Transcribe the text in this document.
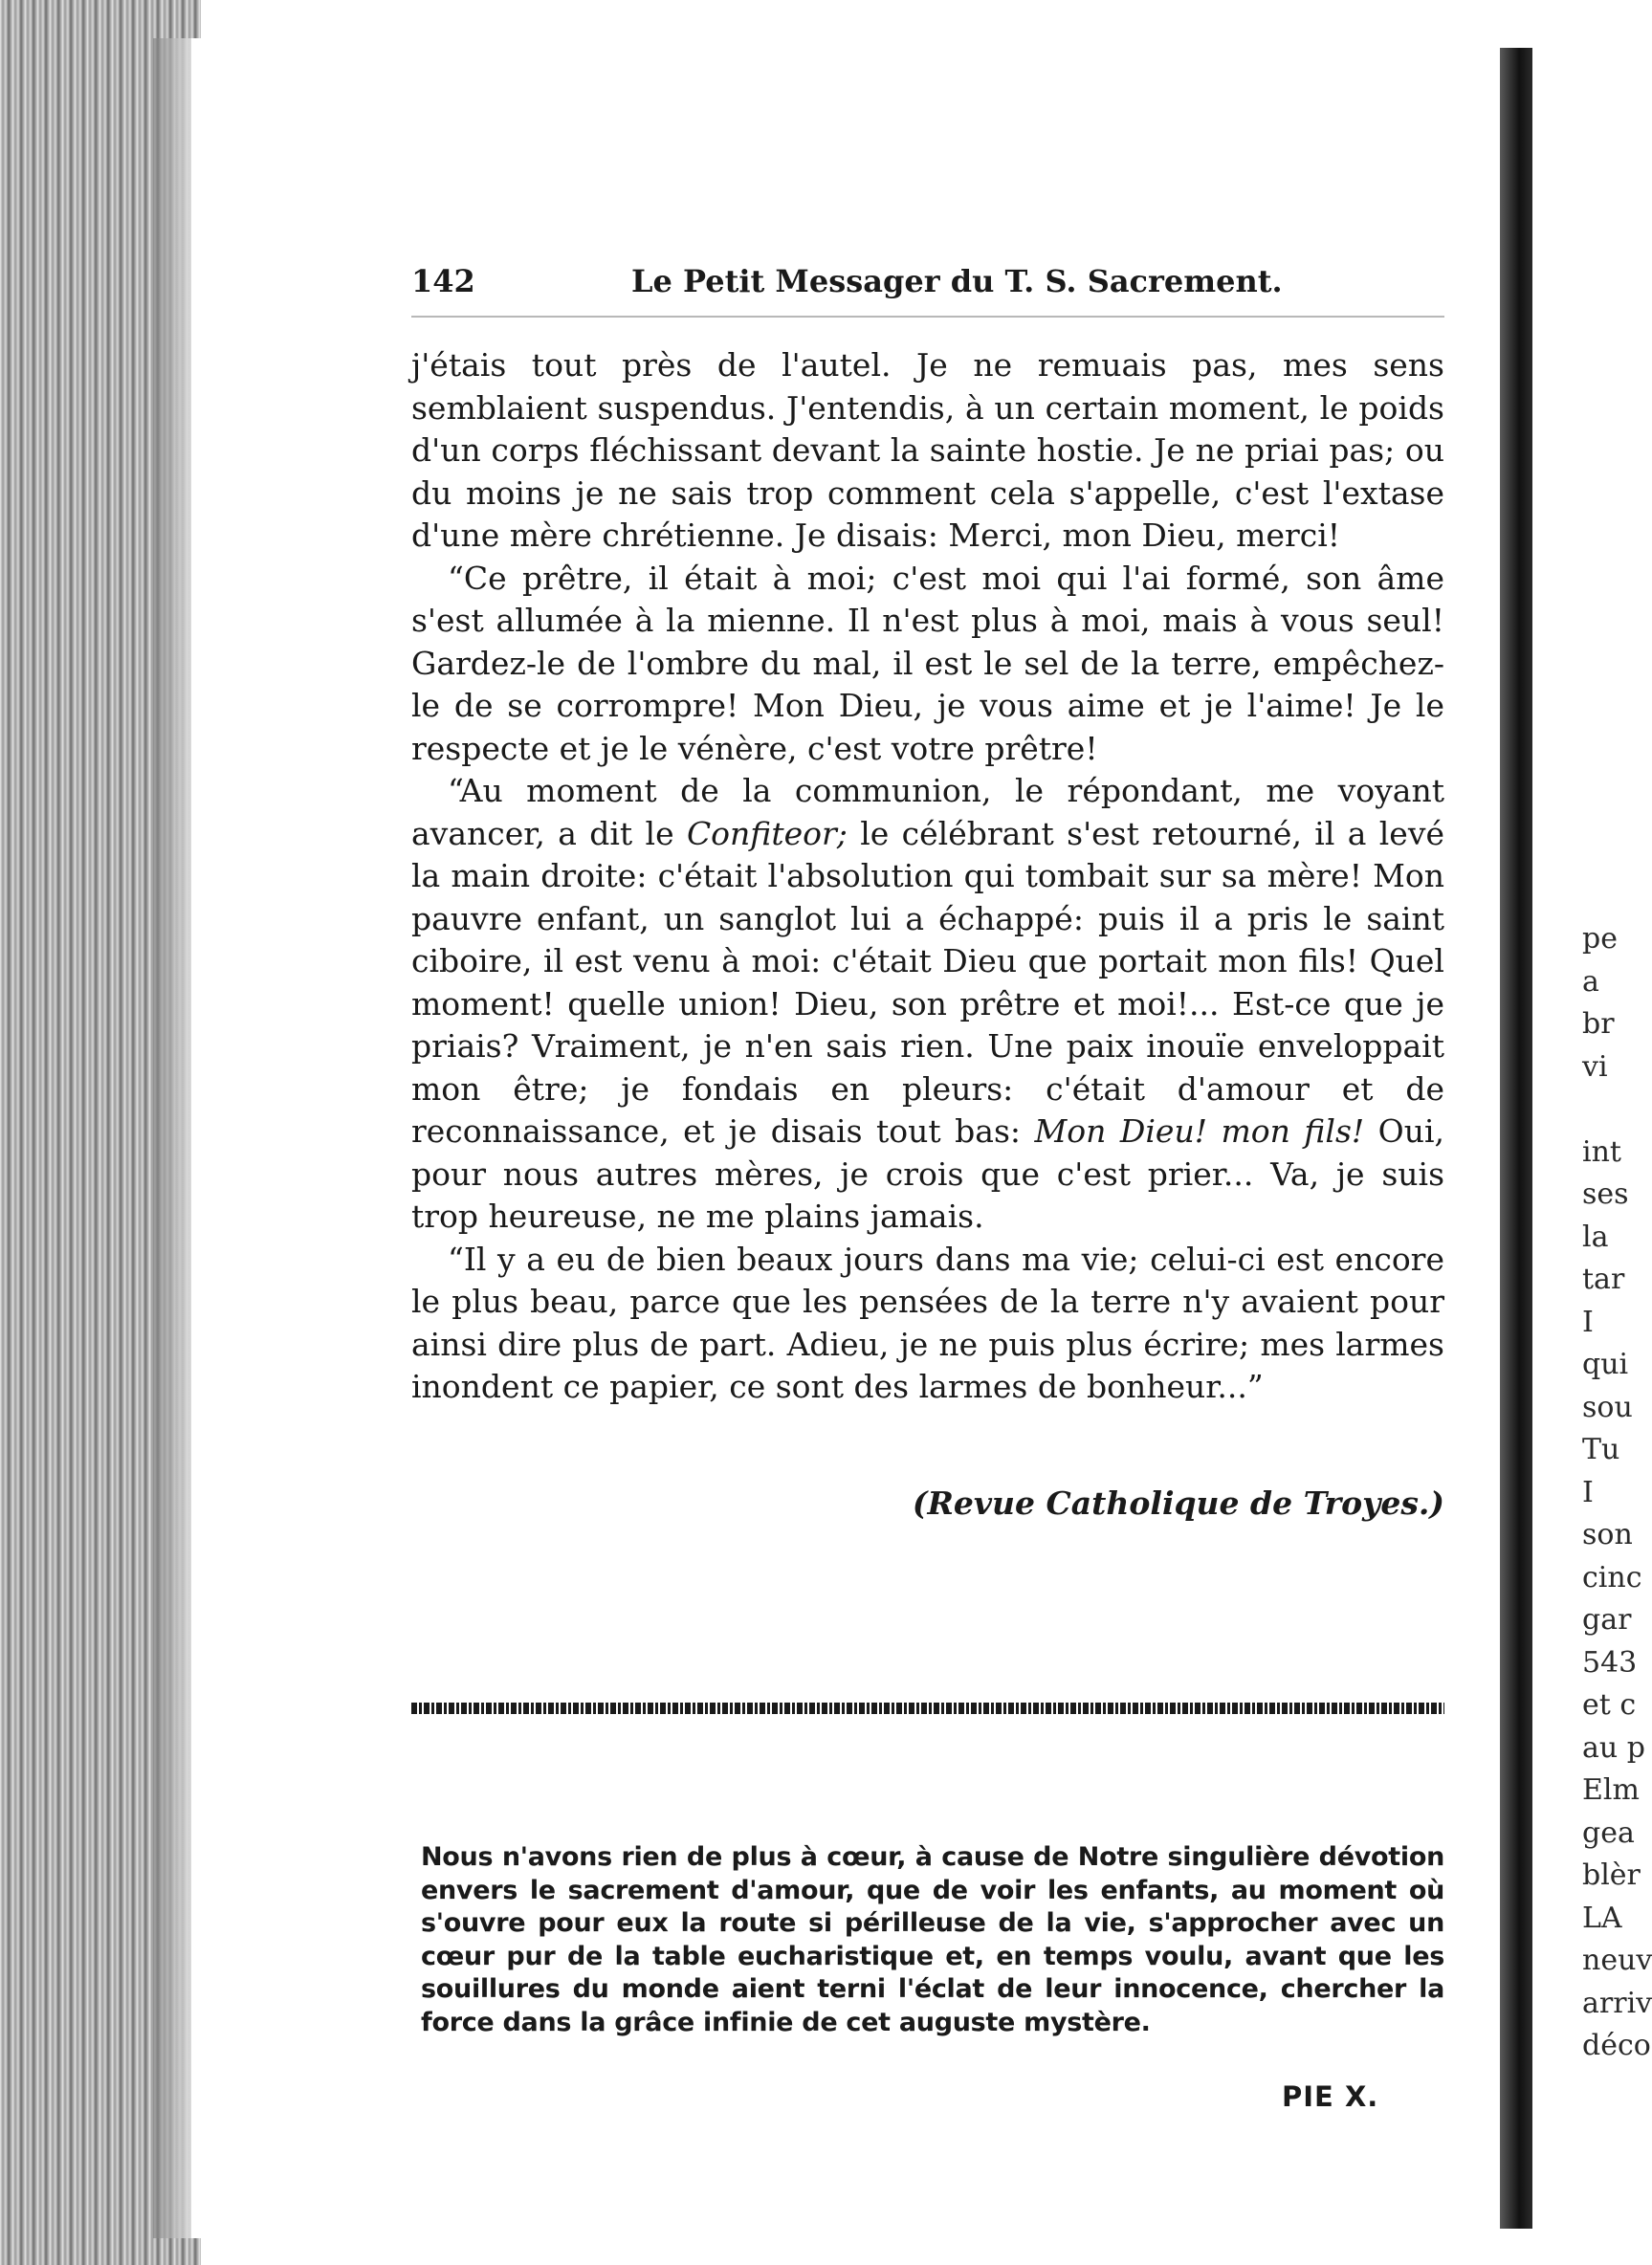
142	Le Petit Messager du T. S. Sacrement.

j'étais tout près de l'autel. Je ne remuais pas, mes sens semblaient suspendus. J'entendis, à un certain moment, le poids d'un corps fléchissant devant la sainte hostie. Je ne priai pas; ou du moins je ne sais trop comment cela s'appelle, c'est l'extase d'une mère chrétienne. Je disais: Merci, mon Dieu, merci!

“Ce prêtre, il était à moi; c'est moi qui l'ai formé, son âme s'est allumée à la mienne. Il n'est plus à moi, mais à vous seul! Gardez-le de l'ombre du mal, il est le sel de la terre, empêchez-le de se corrompre! Mon Dieu, je vous aime et je l'aime! Je le respecte et je le vénère, c'est votre prêtre!

“Au moment de la communion, le répondant, me voyant avancer, a dit le Confiteor; le célébrant s'est retourné, il a levé la main droite: c'était l'absolution qui tombait sur sa mère! Mon pauvre enfant, un sanglot lui a échappé: puis il a pris le saint ciboire, il est venu à moi: c'était Dieu que portait mon fils! Quel moment! quelle union! Dieu, son prêtre et moi!... Est-ce que je priais? Vraiment, je n'en sais rien. Une paix inouïe enveloppait mon être; je fondais en pleurs: c'était d'amour et de reconnaissance, et je disais tout bas: Mon Dieu! mon fils! Oui, pour nous autres mères, je crois que c'est prier... Va, je suis trop heureuse, ne me plains jamais.

“Il y a eu de bien beaux jours dans ma vie; celui-ci est encore le plus beau, parce que les pensées de la terre n'y avaient pour ainsi dire plus de part. Adieu, je ne puis plus écrire; mes larmes inondent ce papier, ce sont des larmes de bonheur...”

(Revue Catholique de Troyes.)
Nous n'avons rien de plus à cœur, à cause de Notre singulière dévotion envers le sacrement d'amour, que de voir les enfants, au moment où s'ouvre pour eux la route si périlleuse de la vie, s'approcher avec un cœur pur de la table eucharistique et, en temps voulu, avant que les souillures du monde aient terni l'éclat de leur innocence, chercher la force dans la grâce infinie de cet auguste mystère.
PIE X.
pe
a
br
vi
int
ses
la
tar
I
qui
sou
Tu
I
son
cinc
gar
543
et c
au p
Elm
gea
blèr
LA
neuv
arriv
déco
